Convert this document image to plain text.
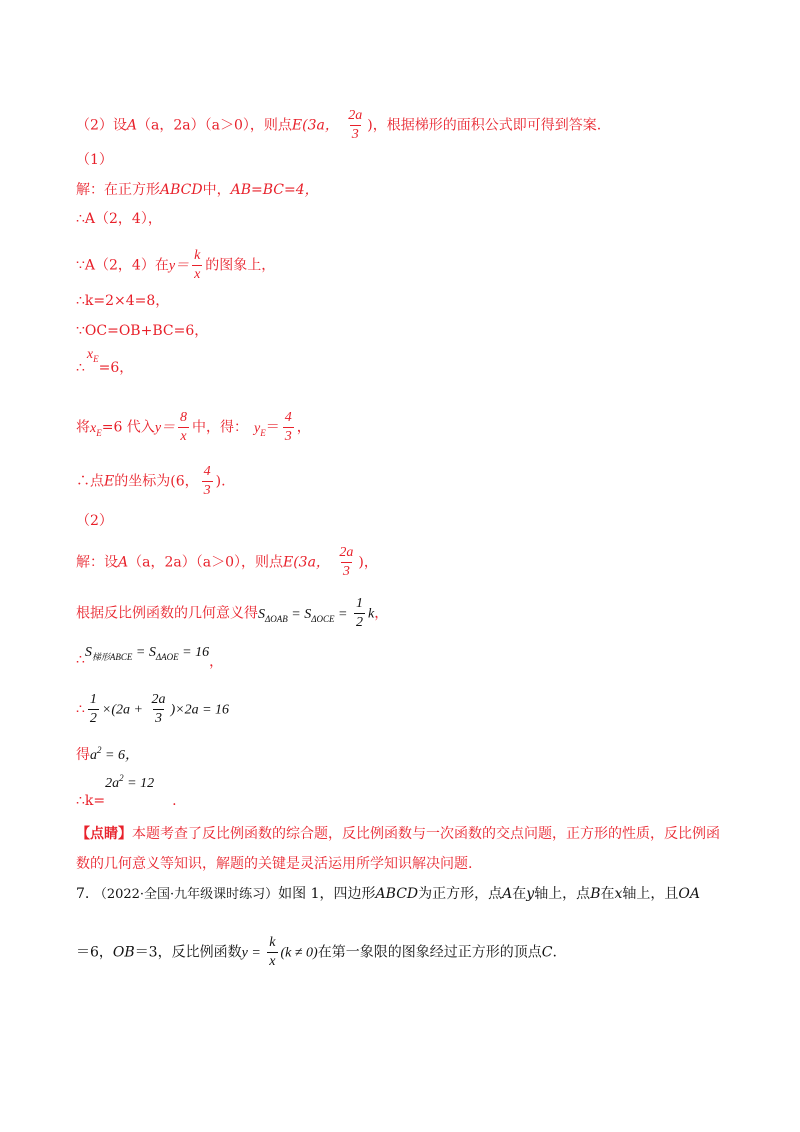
（2）设A（a，2a）（a＞0），则点E(3a， $\frac{2a}{3}$ )，根据梯形的面积公式即可得到答案.
（1）
解：在正方形ABCD中，AB=BC=4，
∴A（2，4），
∵A（2，4）在$y= \frac{k}{x}$ 的图象上，
∴k=2×4=8，
∵OC=OB+BC=6，
$\therefore x_E=6$，
将$x_E=6$ 代入$y= \frac{8}{x}$ 中，得： $y_E= \frac{4}{3}$ ，
∴点E的坐标为(6， $\frac{4}{3}$ ).
（2）
解：设A（a，2a）（a＞0），则点E(3a， $\frac{2a}{3}$ )，
根据反比例函数的几何意义得$S_{\Delta OAB} = S_{\Delta OCE} = \frac{1}{2}$ k，
$\therefore S_{梯形ABCE} = S_{\Delta AOE} = 16$，
∴ $\frac{1}{2} \times(2a + \frac{2a}{3} )\times 2a = 16$
得$a^2 = 6$，
$\therefore k=2a^2 = 12$.
【点睛】本题考查了反比例函数的综合题，反比例函数与一次函数的交点问题，正方形的性质，反比例函
数的几何意义等知识，解题的关键是灵活运用所学知识解决问题.
7. （2022·全国·九年级课时练习）如图 1，四边形ABCD为正方形，点A在y轴上，点B在x轴上，且OA
＝6，OB＝3，反比例函数$y = \frac{k}{x} (k \ne 0)$在第一象限的图象经过正方形的顶点C.
